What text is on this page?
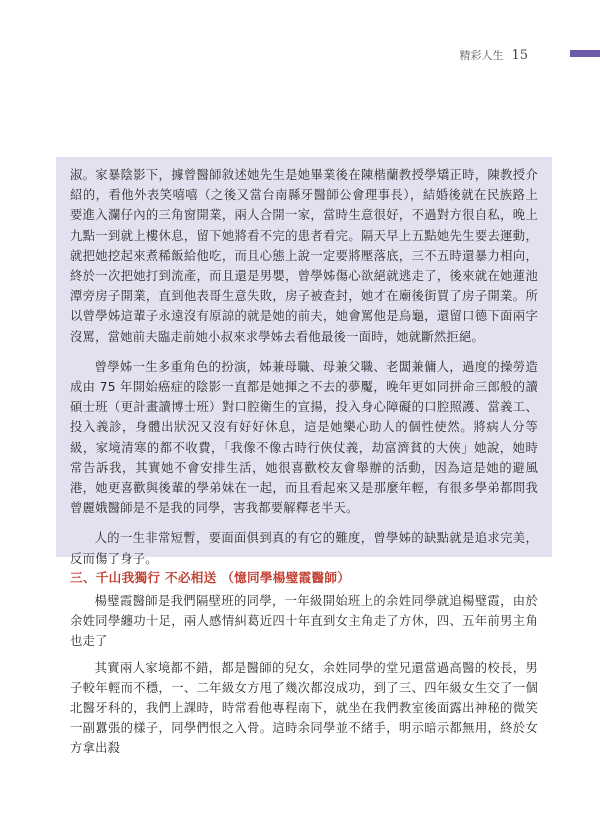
精彩人生 15

淑。家暴陰影下，據曾醫師敘述她先生是她畢業後在陳楷蘭教授學矯正時，陳教授介紹的，看他外表笑嘻嘻（之後又當台南縣牙醫師公會理事長），結婚後就在民族路上要進入瀾仔內的三角窗開業，兩人合開一家，當時生意很好，不過對方很自私，晚上九點一到就上樓休息，留下她將看不完的患者看完。隔天早上五點她先生要去運動，就把她挖起來煮稀飯給他吃，而且心態上說一定要將壓落底，三不五時還暴力相向，終於一次把她打到流產，而且還是男嬰，曾學姊傷心欲絕就逃走了，後來就在她蓮池潭旁房子開業，直到他表哥生意失敗，房子被查封，她才在廟後街買了房子開業。所以曾學姊這輩子永遠沒有原諒的就是她的前夫，她會罵他是烏龜，還留口德下面兩字沒罵，當她前夫臨走前她小叔來求學姊去看他最後一面時，她就斷然拒絕。

曾學姊一生多重角色的扮演，姊兼母職、母兼父職、老闆兼傭人，過度的操勞造成由 75 年開始癌症的陰影一直都是她揮之不去的夢魘，晚年更如同拼命三郎般的讀碩士班（更計畫讀博士班）對口腔衛生的宣揚，投入身心障礙的口腔照護、當義工、投入義診，身體出狀況又沒有好好休息，這是她樂心助人的個性使然。將病人分等級，家境清寒的都不收費，「我像不像古時行俠仗義，劫富濟貧的大俠」她說，她時常告訴我，其實她不會安排生活，她很喜歡校友會舉辦的活動，因為這是她的避風港，她更喜歡與後輩的學弟妹在一起，而且看起來又是那麼年輕，有很多學弟都問我曾麗娥醫師是不是我的同學，害我都要解釋老半天。

人的一生非常短暫，要面面俱到真的有它的難度，曾學姊的缺點就是追求完美，反而傷了身子。

三、千山我獨行 不必相送 （憶同學楊璧霞醫師）

楊璧霞醫師是我們隔壁班的同學，一年級開始班上的余姓同學就追楊璧霞，由於余姓同學纏功十足，兩人感情糾葛近四十年直到女主角走了方休，四、五年前男主角也走了

其實兩人家境都不錯，都是醫師的兒女，余姓同學的堂兄還當過高醫的校長，男子較年輕而不穩，一、二年級女方甩了幾次都沒成功，到了三、四年級女生交了一個北醫牙科的，我們上課時，時常看他專程南下，就坐在我們教室後面露出神秘的微笑一副囂張的樣子，同學們恨之入骨。這時余同學並不緒手，明示暗示都無用，終於女方拿出殺
